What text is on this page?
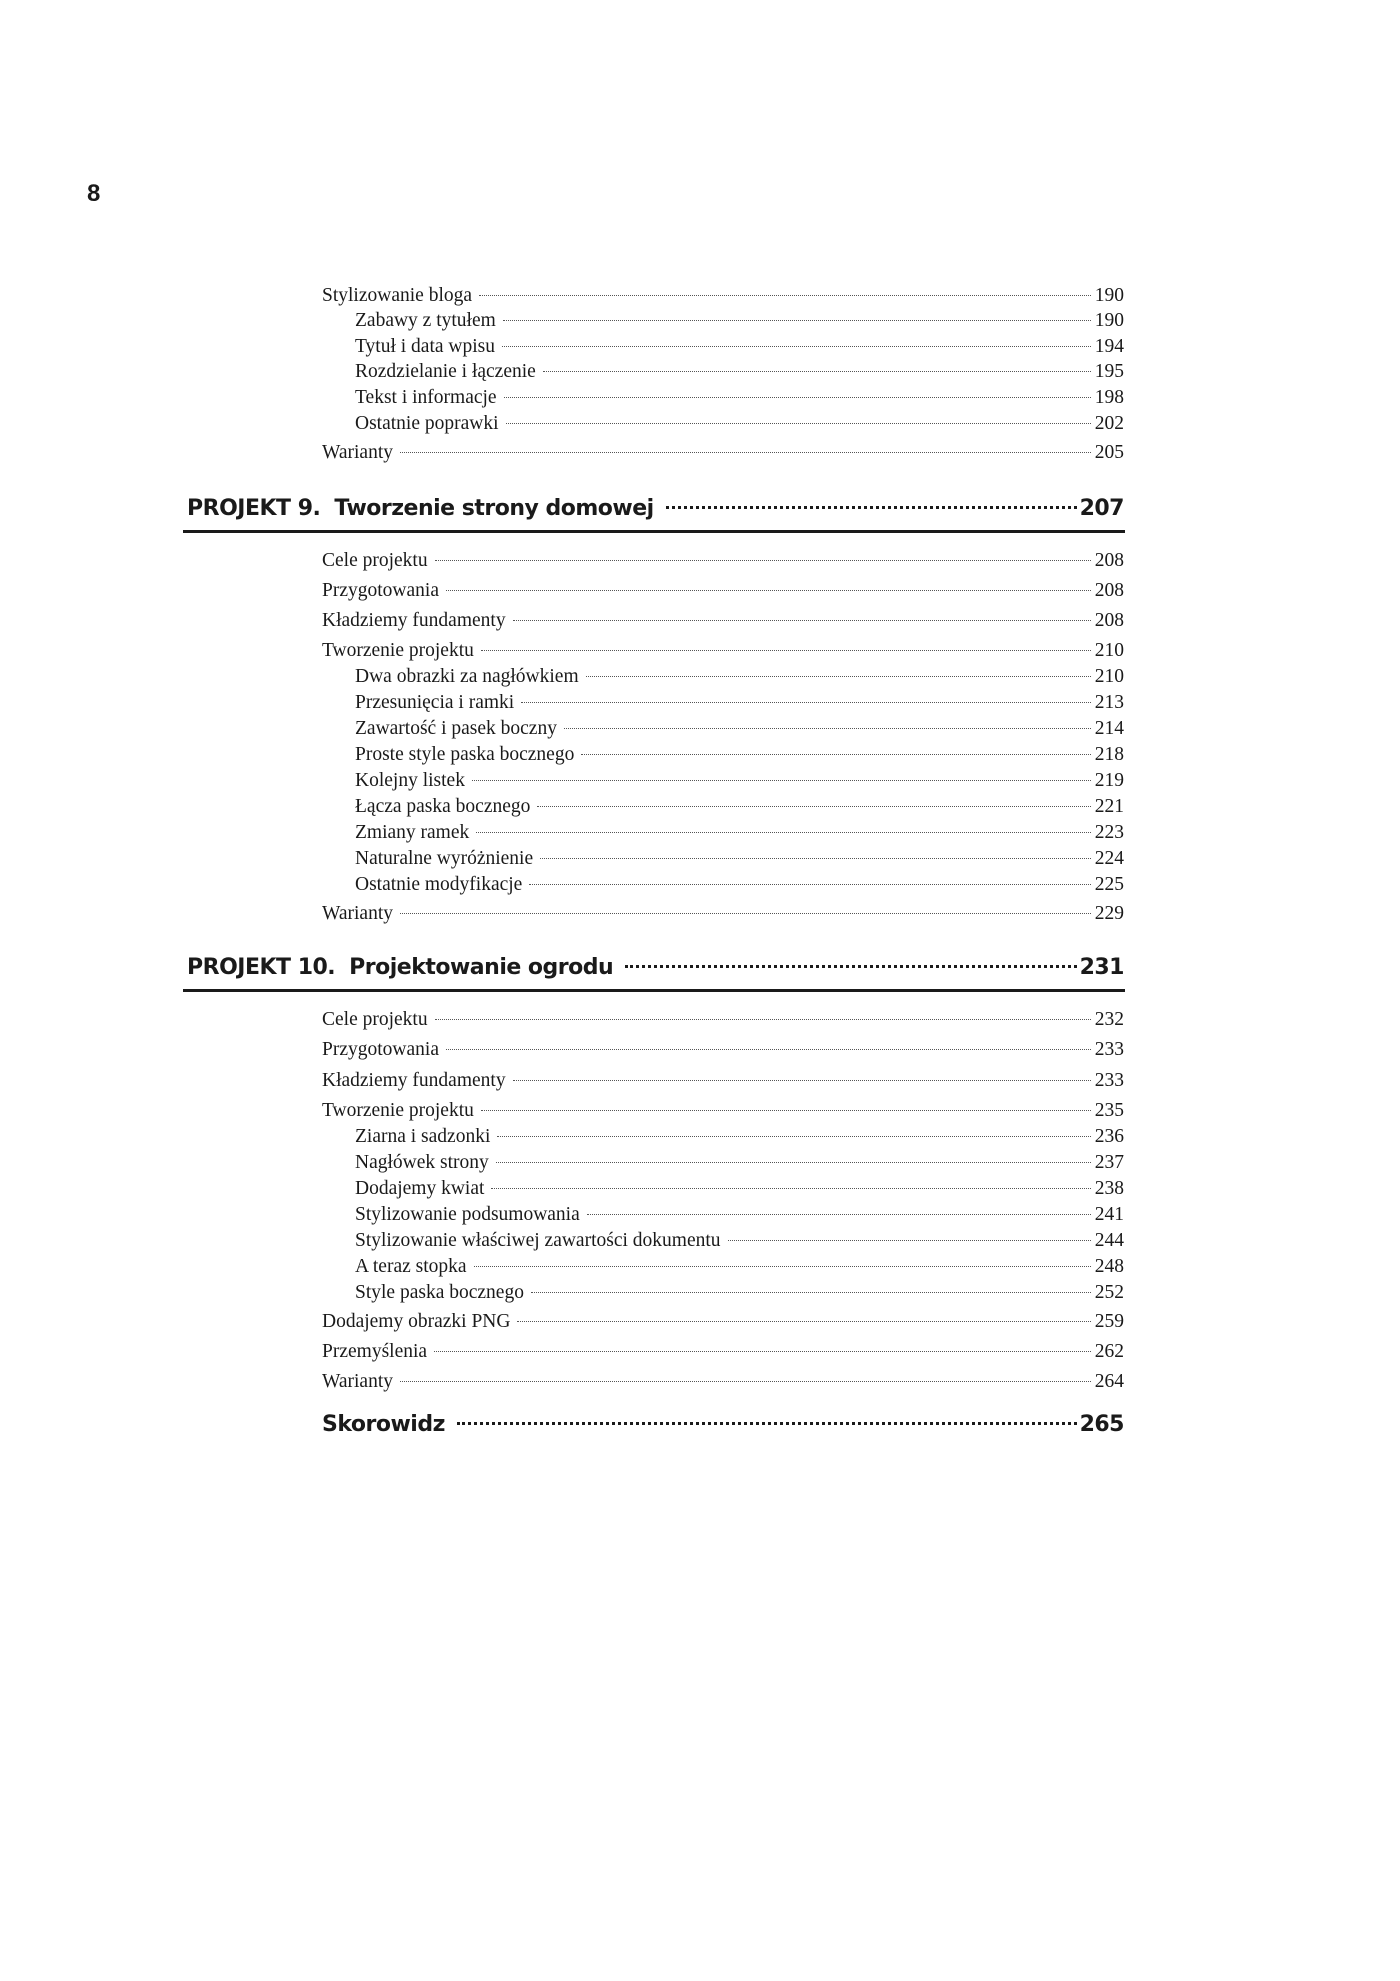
8
Stylizowanie bloga	190
Zabawy z tytułem	190
Tytuł i data wpisu	194
Rozdzielanie i łączenie	195
Tekst i informacje	198
Ostatnie poprawki	202
Warianty	205
PROJEKT 9. Tworzenie strony domowej	207
Cele projektu	208
Przygotowania	208
Kładziemy fundamenty	208
Tworzenie projektu	210
Dwa obrazki za nagłówkiem	210
Przesunięcia i ramki	213
Zawartość i pasek boczny	214
Proste style paska bocznego	218
Kolejny listek	219
Łącza paska bocznego	221
Zmiany ramek	223
Naturalne wyróżnienie	224
Ostatnie modyfikacje	225
Warianty	229
PROJEKT 10. Projektowanie ogrodu	231
Cele projektu	232
Przygotowania	233
Kładziemy fundamenty	233
Tworzenie projektu	235
Ziarna i sadzonki	236
Nagłówek strony	237
Dodajemy kwiat	238
Stylizowanie podsumowania	241
Stylizowanie właściwej zawartości dokumentu	244
A teraz stopka	248
Style paska bocznego	252
Dodajemy obrazki PNG	259
Przemyślenia	262
Warianty	264
Skorowidz	265
